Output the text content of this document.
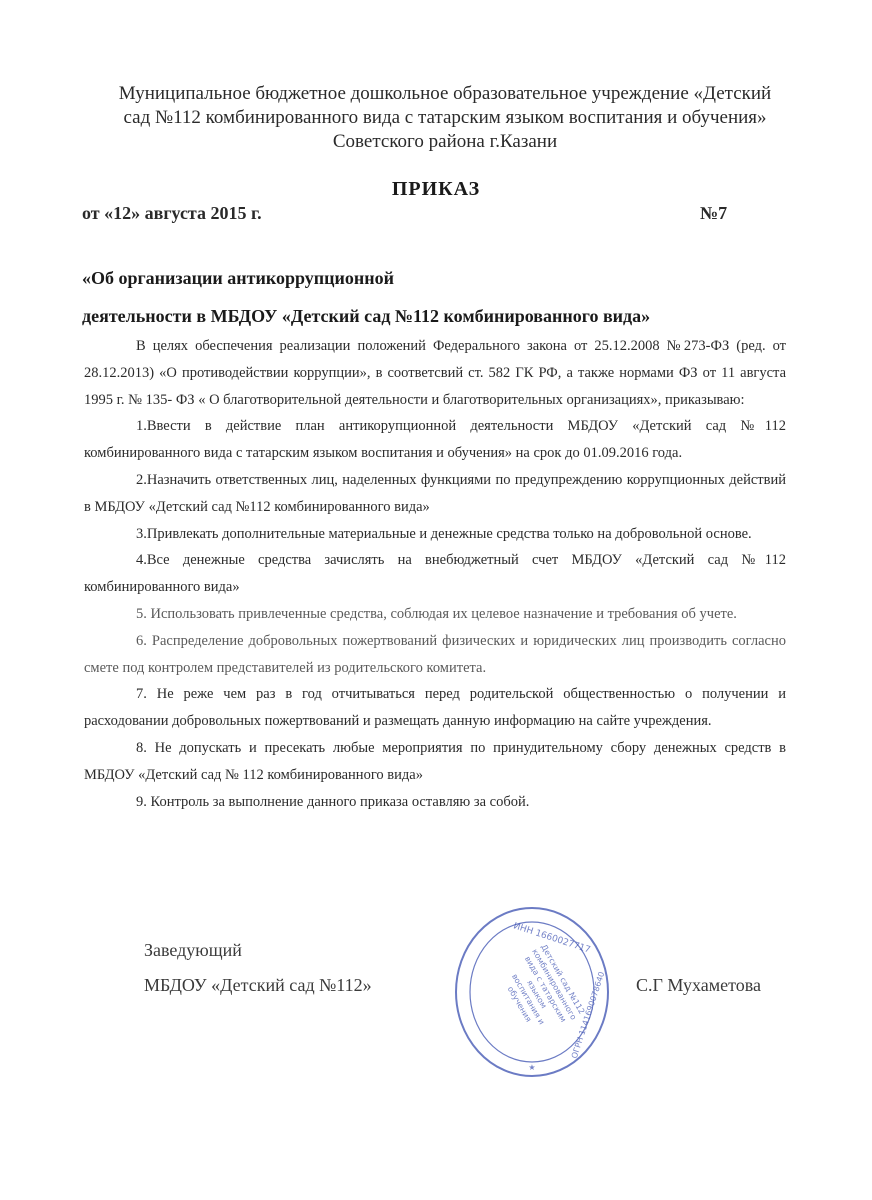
Муниципальное бюджетное дошкольное образовательное учреждение «Детский
сад №112 комбинированного вида с татарским языком воспитания и обучения»
Советского района г.Казани
ПРИКАЗ
от «12» августа 2015 г.	№7
«Об организации антикоррупционной
деятельности в МБДОУ «Детский сад №112 комбинированного вида»

В целях обеспечения реализации положений Федерального закона от 25.12.2008 №273-ФЗ (ред. от 28.12.2013) «О противодействии коррупции», в соответсвий ст. 582 ГК РФ, а также нормами ФЗ от 11 августа 1995 г. № 135- ФЗ « О благотворительной деятельности и благотворительных организациях», приказываю:

1.Ввести в действие план антикорупционной деятельности МБДОУ «Детский сад №112 комбинированного вида с татарским языком воспитания и обучения» на срок до 01.09.2016 года.

2.Назначить ответственных лиц, наделенных функциями по предупреждению коррупционных действий в МБДОУ «Детский сад №112 комбинированного вида»

3.Привлекать дополнительные материальные и денежные средства только на добровольной основе.

4.Все денежные средства зачислять на внебюджетный счет МБДОУ «Детский сад №112 комбинированного вида»

5. Использовать привлеченные средства, соблюдая их целевое назначение и требования об учете.

6. Распределение добровольных пожертвований физических и юридических лиц производить согласно смете под контролем представителей из родительского комитета.

7. Не реже чем раз в год отчитываться перед родительской общественностью о получении и расходовании добровольных пожертвований и размещать данную информацию на сайте учреждения.

8. Не допускать и пресекать любые мероприятия по принудительному сбору денежных средств в МБДОУ «Детский сад № 112 комбинированного вида»

9. Контроль за выполнение данного приказа оставляю за собой.

Заведующий
МБДОУ «Детский сад №112»	С.Г Мухаметова
ИНН 1660027717
ОГРН 1141690078640
Детский сад №112 комбинированного вида с татарским языком воспитания и обучения
★
